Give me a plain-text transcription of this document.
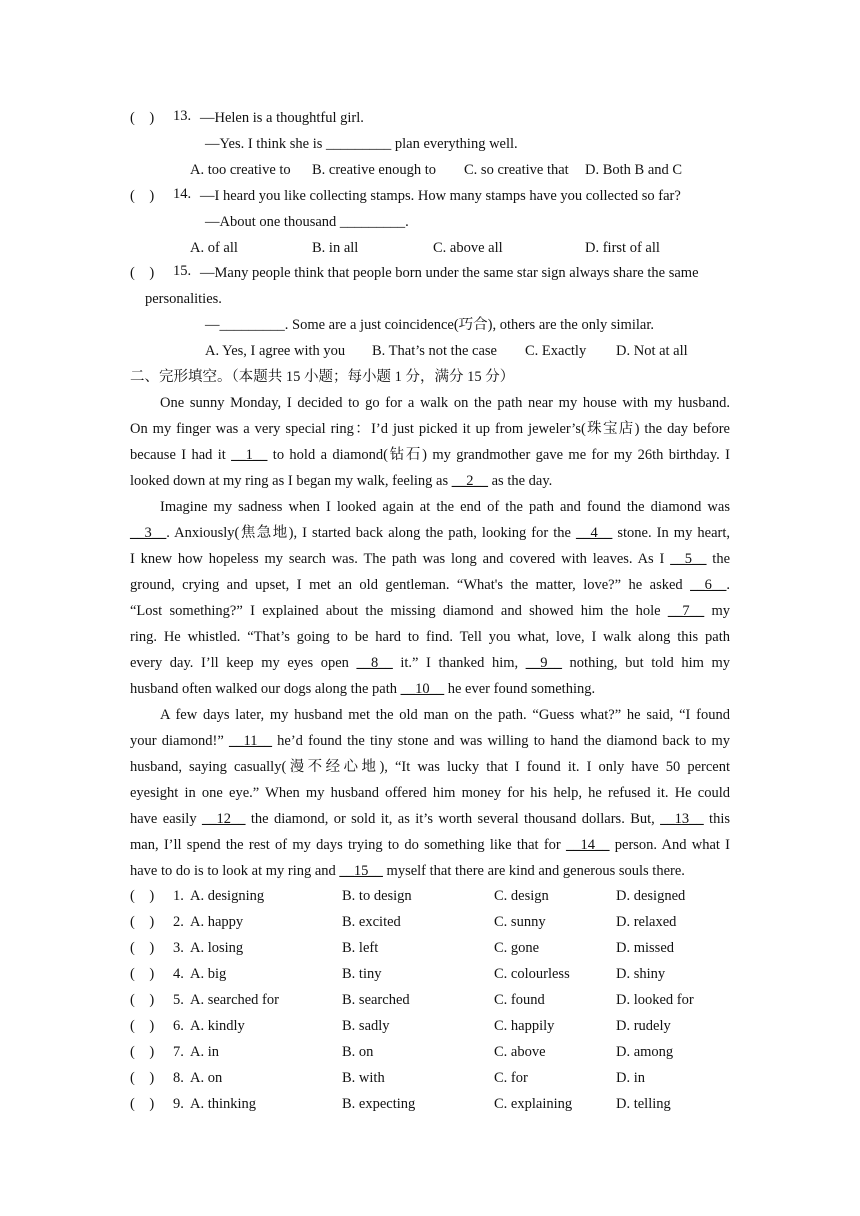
(　)	13. —Helen is a thoughtful girl.
—Yes. I think she is _________ plan everything well.
A. too creative to B. creative enough to C. so creative that D. Both B and C
(　)	14. —I heard you like collecting stamps. How many stamps have you collected so far?
—About one thousand _________.
A. of all	B. in all	C. above all	D. first of all
(　)	15. —Many people think that people born under the same star sign always share the same
personalities.
—_________. Some are a just coincidence(巧合), others are the only similar.
A. Yes, I agree with you B. That’s not the case C. Exactly D. Not at all
二、完形填空。（本题共 15 小题；每小题 1 分，满分 15 分）
One sunny Monday, I decided to go for a walk on the path near my house with my husband.
On my finger was a very special ring：I’d just picked it up from jeweler’s(珠宝店) the day before
because I had it __1__ to hold a diamond(钻石) my grandmother gave me for my 26th birthday. I
looked down at my ring as I began my walk, feeling as __2__ as the day.
Imagine my sadness when I looked again at the end of the path and found the diamond was
__3__. Anxiously(焦急地), I started back along the path, looking for the __4__ stone. In my heart,
I knew how hopeless my search was. The path was long and covered with leaves. As I __5__ the
ground, crying and upset, I met an old gentleman. “What's the matter, love?” he asked __6__.
“Lost something?” I explained about the missing diamond and showed him the hole __7__ my
ring. He whistled. “That’s going to be hard to find. Tell you what, love, I walk along this path
every day. I’ll keep my eyes open __8__ it.” I thanked him, __9__ nothing, but told him my
husband often walked our dogs along the path __10__ he ever found something.
A few days later, my husband met the old man on the path. “Guess what?” he said, “I found
your diamond!” __11__ he’d found the tiny stone and was willing to hand the diamond back to my
husband, saying casually(漫不经心地), “It was lucky that I found it. I only have 50 percent
eyesight in one eye.” When my husband offered him money for his help, he refused it. He could
have easily __12__ the diamond, or sold it, as it’s worth several thousand dollars. But, __13__ this
man, I’ll spend the rest of my days trying to do something like that for __14__ person. And what I
have to do is to look at my ring and __15__ myself that there are kind and generous souls there.
(　)	1. A. designing	B. to design	C. design	D. designed
(　)	2. A. happy	B. excited	C. sunny	D. relaxed
(　)	3. A. losing	B. left	C. gone	D. missed
(　)	4. A. big	B. tiny	C. colourless	D. shiny
(　)	5. A. searched for	B. searched	C. found	D. looked for
(　)	6. A. kindly	B. sadly	C. happily	D. rudely
(　)	7. A. in	B. on	C. above	D. among
(　)	8. A. on	B. with	C. for	D. in
(　)	9. A. thinking	B. expecting	C. explaining	D. telling
